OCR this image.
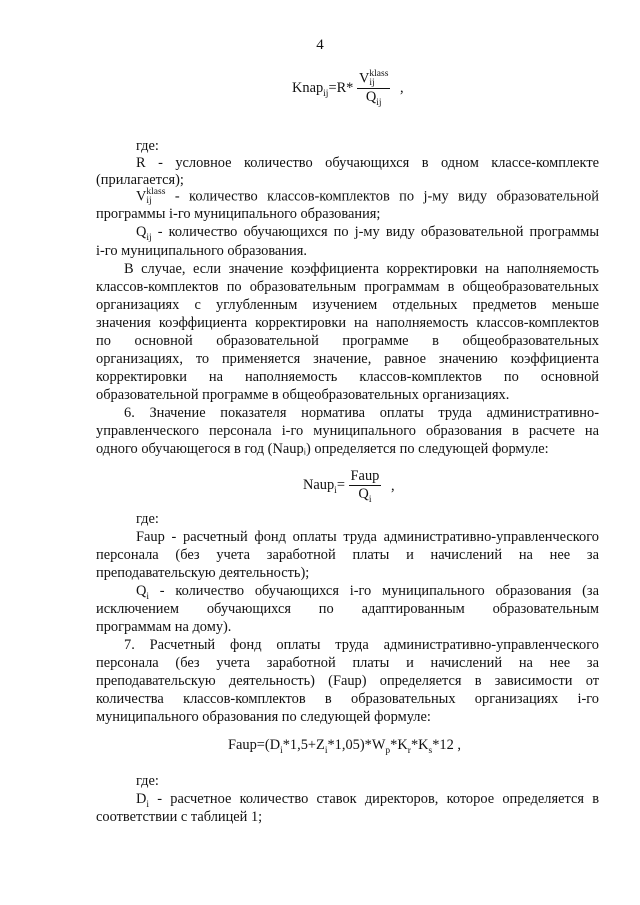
4
Knap$_{ij}$=R* V klass
ij
$Q_{ij}$ ,
где:
R - условное количество обучающихся в одном классе-комплекте
(прилагается);
V klass
ij - количество классов-комплектов по j-му виду образовательной
программы i-го муниципального образования;
$Q_{ij}$ - количество обучающихся по j-му виду образовательной программы
i-го муниципального образования.
В случае, если значение коэффициента корректировки на наполняемость
классов-комплектов по образовательным программам в общеобразовательных
организациях с углубленным изучением отдельных предметов меньше
значения коэффициента корректировки на наполняемость классов-комплектов
по основной образовательной программе в общеобразовательных
организациях, то применяется значение, равное значению коэффициента
корректировки на наполняемость классов-комплектов по основной
образовательной программе в общеобразовательных организациях.
6. Значение показателя норматива оплаты труда административно-
управленческого персонала i-го муниципального образования в расчете на
одного обучающегося в год (Naupᵢ) определяется по следующей формуле:
Naup$_i$= $\frac{\text{Faup}}{Q_i}$ ,
где:
Faup - расчетный фонд оплаты труда административно-управленческого
персонала (без учета заработной платы и начислений на нее за
преподавательскую деятельность);
$Q_i$ - количество обучающихся i-го муниципального образования (за
исключением обучающихся по адаптированным образовательным
программам на дому).
7. Расчетный фонд оплаты труда административно-управленческого
персонала (без учета заработной платы и начислений на нее за
преподавательскую деятельность) (Faup) определяется в зависимости от
количества классов-комплектов в образовательных организациях i-го
муниципального образования по следующей формуле:
$Faup=(D_i*1,5+Z_i*1,05)*W_p*K_r*K_s*12$ ,
где:
$D_i$ - расчетное количество ставок директоров, которое определяется в
соответствии с таблицей 1;
